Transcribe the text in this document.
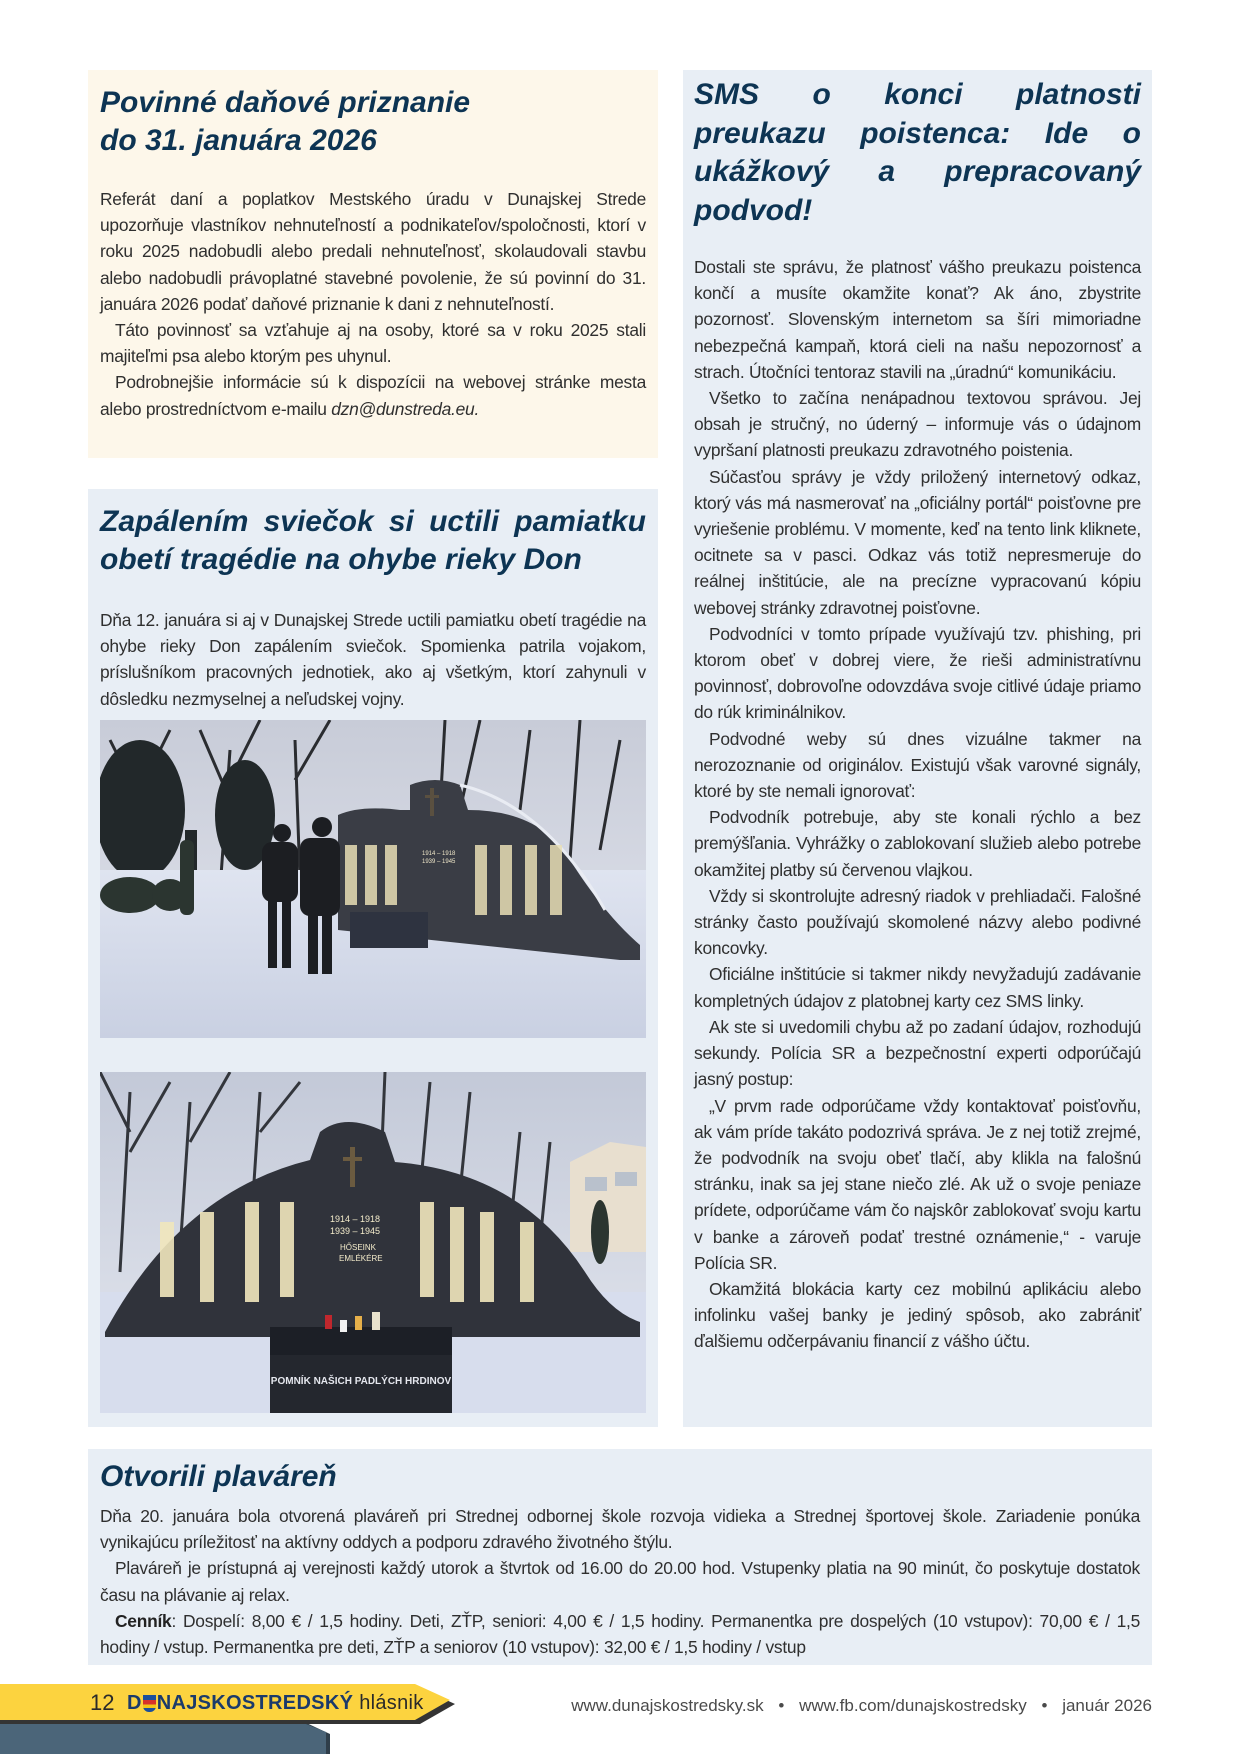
Povinné daňové priznanie
do 31. januára 2026

Referát daní a poplatkov Mestského úradu v Dunajskej Strede upozorňuje vlastníkov nehnuteľností a podnikateľov/spoločnosti, ktorí v roku 2025 nadobudli alebo predali nehnuteľnosť, skolaudovali stavbu alebo nadobudli právoplatné stavebné povolenie, že sú povinní do 31. januára 2026 podať daňové priznanie k dani z nehnuteľností.

Táto povinnosť sa vzťahuje aj na osoby, ktoré sa v roku 2025 stali majiteľmi psa alebo ktorým pes uhynul.

Podrobnejšie informácie sú k dispozícii na webovej stránke mesta alebo prostredníctvom e-mailu dzn@dunstreda.eu.

Zapálením sviečok si uctili pamiatku obetí tragédie na ohybe rieky Don

Dňa 12. januára si aj v Dunajskej Strede uctili pamiatku obetí tragédie na ohybe rieky Don zapálením sviečok. Spomienka patrila vojakom, príslušníkom pracovných jednotiek, ako aj všetkým, ktorí zahynuli v dôsledku nezmyselnej a neľudskej vojny.

1914 – 1918
1939 – 1945
1914 – 1918
1939 – 1945
HŐSEINK
EMLÉKÉRE
POMNÍK NAŠICH PADLÝCH HRDINOV
SMS o konci platnosti preukazu poistenca: Ide o ukážkový a prepracovaný podvod!

Dostali ste správu, že platnosť vášho preukazu poistenca končí a musíte okamžite konať? Ak áno, zbystrite pozornosť. Slovenským internetom sa šíri mimoriadne nebezpečná kampaň, ktorá cieli na našu nepozornosť a strach. Útočníci tentoraz stavili na „úradnú“ komunikáciu.

Všetko to začína nenápadnou textovou správou. Jej obsah je stručný, no úderný – informuje vás o údajnom vypršaní platnosti preukazu zdravotného poistenia.

Súčasťou správy je vždy priložený internetový odkaz, ktorý vás má nasmerovať na „oficiálny portál“ poisťovne pre vyriešenie problému. V momente, keď na tento link kliknete, ocitnete sa v pasci. Odkaz vás totiž nepresmeruje do reálnej inštitúcie, ale na precízne vypracovanú kópiu webovej stránky zdravotnej poisťovne.

Podvodníci v tomto prípade využívajú tzv. phishing, pri ktorom obeť v dobrej viere, že rieši administratívnu povinnosť, dobrovoľne odovzdáva svoje citlivé údaje priamo do rúk kriminálnikov.

Podvodné weby sú dnes vizuálne takmer na nerozoznanie od originálov. Existujú však varovné signály, ktoré by ste nemali ignorovať:

Podvodník potrebuje, aby ste konali rýchlo a bez premýšľania. Vyhrážky o zablokovaní služieb alebo potrebe okamžitej platby sú červenou vlajkou.

Vždy si skontrolujte adresný riadok v prehliadači. Falošné stránky často používajú skomolené názvy alebo podivné koncovky.

Oficiálne inštitúcie si takmer nikdy nevyžadujú zadávanie kompletných údajov z platobnej karty cez SMS linky.

Ak ste si uvedomili chybu až po zadaní údajov, rozhodujú sekundy. Polícia SR a bezpečnostní experti odporúčajú jasný postup:

„V prvm rade odporúčame vždy kontaktovať poisťovňu, ak vám príde takáto podozrivá správa. Je z nej totiž zrejmé, že podvodník na svoju obeť tlačí, aby klikla na falošnú stránku, inak sa jej stane niečo zlé. Ak už o svoje peniaze prídete, odporúčame vám čo najskôr zablokovať svoju kartu v banke a zároveň podať trestné oznámenie,“ - varuje Polícia SR.

Okamžitá blokácia karty cez mobilnú aplikáciu alebo infolinku vašej banky je jediný spôsob, ako zabrániť ďalšiemu odčerpávaniu financií z vášho účtu.

Otvorili plaváreň

Dňa 20. januára bola otvorená plaváreň pri Strednej odbornej škole rozvoja vidieka a Strednej športovej škole. Zariadenie ponúka vynikajúcu príležitosť na aktívny oddych a podporu zdravého životného štýlu.

Plaváreň je prístupná aj verejnosti každý utorok a štvrtok od 16.00 do 20.00 hod. Vstupenky platia na 90 minút, čo poskytuje dostatok času na plávanie aj relax.

Cenník: Dospelí: 8,00 € / 1,5 hodiny. Deti, ZŤP, seniori: 4,00 € / 1,5 hodiny. Permanentka pre dospelých (10 vstupov): 70,00 € / 1,5 hodiny / vstup. Permanentka pre deti, ZŤP a seniorov (10 vstupov): 32,00 € / 1,5 hodiny / vstup

12 D NAJSKOSTREDSKÝ hlásnik	www.dunajskostredsky.sk • www.fb.com/dunajskostredsky • január 2026
